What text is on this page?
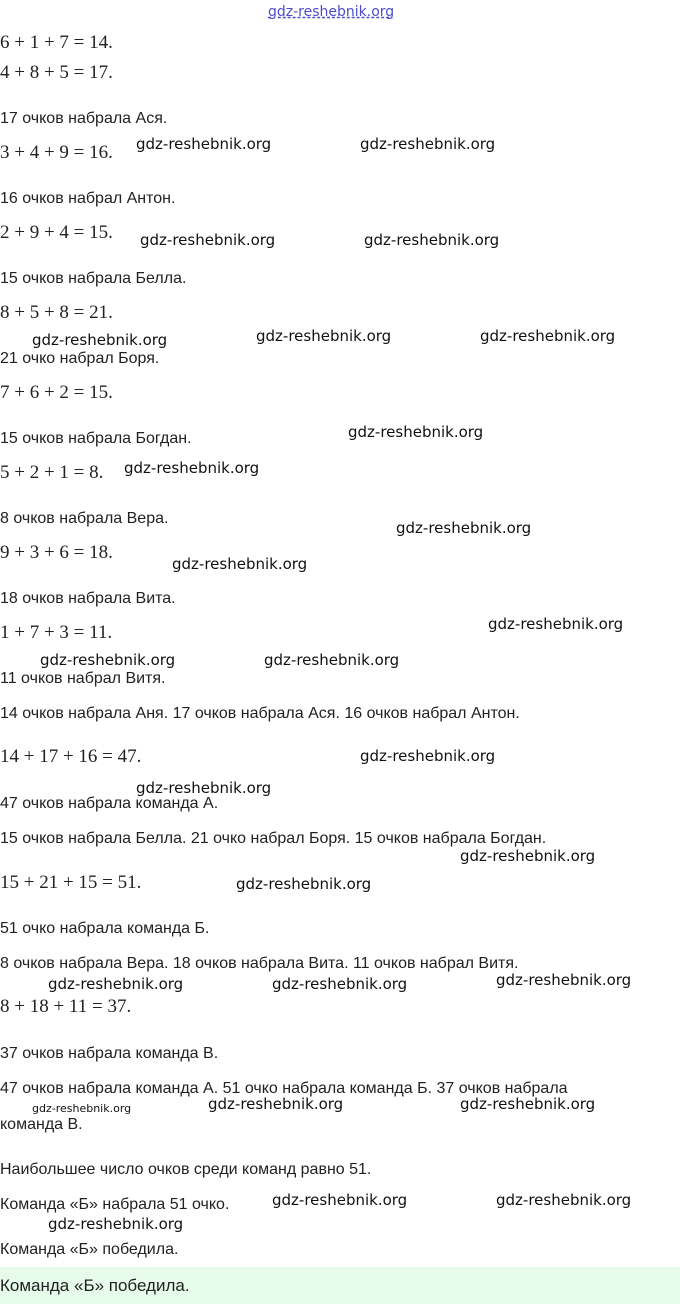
gdz-reshebnik.org
6 + 1 + 7 = 14.
4 + 8 + 5 = 17.
17 очков набрала Ася.
3 + 4 + 9 = 16.
16 очков набрал Антон.
2 + 9 + 4 = 15.
15 очков набрала Белла.
8 + 5 + 8 = 21.
21 очко набрал Боря.
7 + 6 + 2 = 15.
15 очков набрала Богдан.
5 + 2 + 1 = 8.
8 очков набрала Вера.
9 + 3 + 6 = 18.
18 очков набрала Вита.
1 + 7 + 3 = 11.
11 очков набрал Витя.
14 очков набрала Аня. 17 очков набрала Ася. 16 очков набрал Антон.
14 + 17 + 16 = 47.
47 очков набрала команда А.
15 очков набрала Белла. 21 очко набрал Боря. 15 очков набрала Богдан.
15 + 21 + 15 = 51.
51 очко набрала команда Б.
8 очков набрала Вера. 18 очков набрала Вита. 11 очков набрал Витя.
8 + 18 + 11 = 37.
37 очков набрала команда В.
47 очков набрала команда А. 51 очко набрала команда Б. 37 очков набрала
команда В.
Наибольшее число очков среди команд равно 51.
Команда «Б» набрала 51 очко.
Команда «Б» победила.
gdz-reshebnik.org	gdz-reshebnik.org
gdz-reshebnik.org	gdz-reshebnik.org
gdz-reshebnik.org	gdz-reshebnik.org	gdz-reshebnik.org
gdz-reshebnik.org
gdz-reshebnik.org
gdz-reshebnik.org
gdz-reshebnik.org
gdz-reshebnik.org
gdz-reshebnik.org	gdz-reshebnik.org
gdz-reshebnik.org
gdz-reshebnik.org
gdz-reshebnik.org
gdz-reshebnik.org
gdz-reshebnik.org	gdz-reshebnik.org	gdz-reshebnik.org
gdz-reshebnik.org	gdz-reshebnik.org	gdz-reshebnik.org
gdz-reshebnik.org	gdz-reshebnik.org
gdz-reshebnik.org
Команда «Б» победила.
